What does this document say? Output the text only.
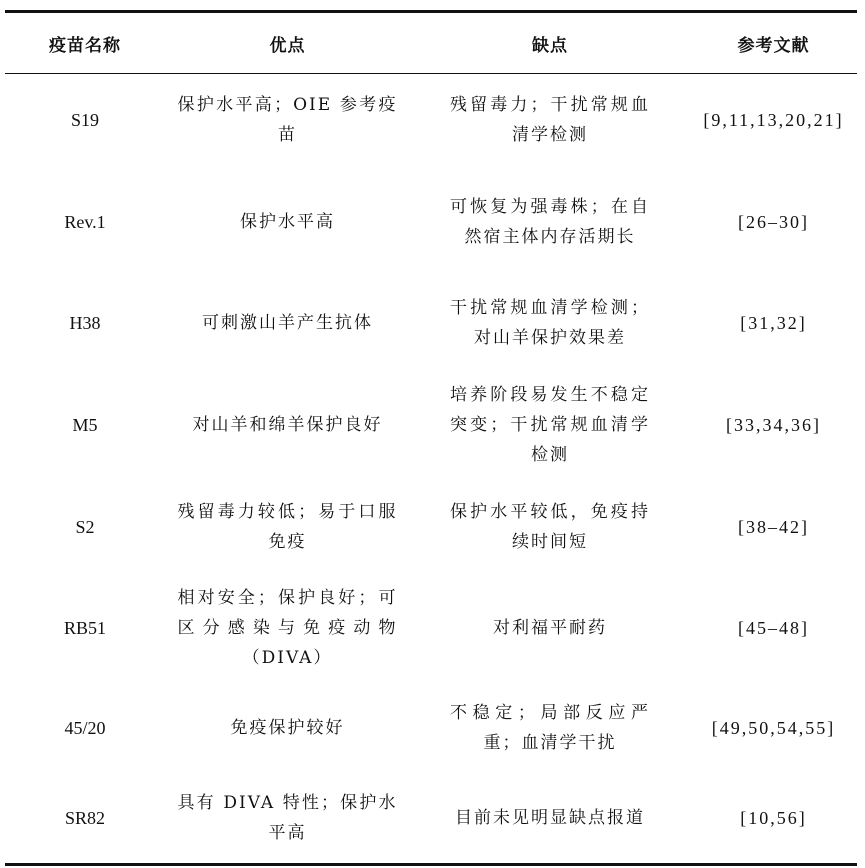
疫苗名称	优点	缺点	参考文献
S19	保护水平高；OIE 参考疫苗	残留毒力；干扰常规血清学检测	[9,11,13,20,21]

Rev.1	保护水平高	可恢复为强毒株；在自然宿主体内存活期长	[26–30]

H38	可刺激山羊产生抗体	干扰常规血清学检测；对山羊保护效果差	[31,32]

M5	对山羊和绵羊保护良好	培养阶段易发生不稳定突变；干扰常规血清学检测	[33,34,36]

S2	残留毒力较低；易于口服免疫	保护水平较低，免疫持续时间短	[38–42]

RB51	相对安全；保护良好；可区分感染与免疫动物（DIVA）	对利福平耐药	[45–48]

45/20	免疫保护较好	不稳定；局部反应严重；血清学干扰	[49,50,54,55]

SR82	具有 DIVA 特性；保护水平高	目前未见明显缺点报道	[10,56]
